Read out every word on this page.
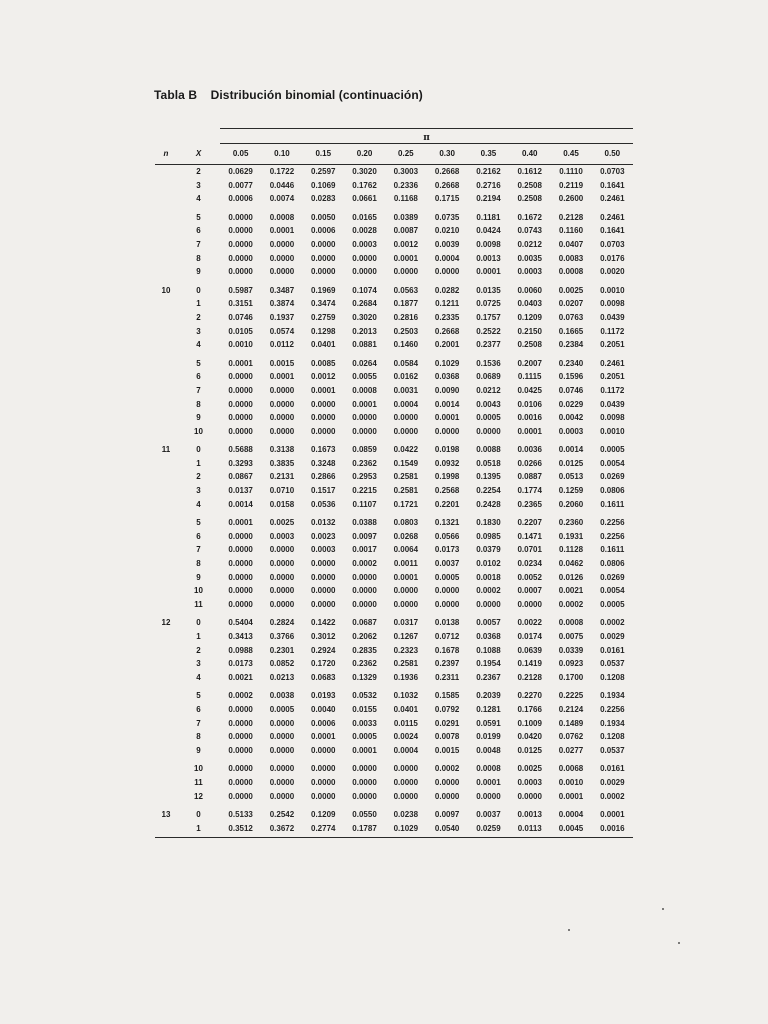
Tabla B Distribución binomial (continuación)
π
n	X	0.05	0.10	0.15	0.20	0.25	0.30	0.35	0.40	0.45	0.50
	2	0.0629	0.1722	0.2597	0.3020	0.3003	0.2668	0.2162	0.1612	0.1110	0.0703
	3	0.0077	0.0446	0.1069	0.1762	0.2336	0.2668	0.2716	0.2508	0.2119	0.1641
	4	0.0006	0.0074	0.0283	0.0661	0.1168	0.1715	0.2194	0.2508	0.2600	0.2461

	5	0.0000	0.0008	0.0050	0.0165	0.0389	0.0735	0.1181	0.1672	0.2128	0.2461
	6	0.0000	0.0001	0.0006	0.0028	0.0087	0.0210	0.0424	0.0743	0.1160	0.1641
	7	0.0000	0.0000	0.0000	0.0003	0.0012	0.0039	0.0098	0.0212	0.0407	0.0703
	8	0.0000	0.0000	0.0000	0.0000	0.0001	0.0004	0.0013	0.0035	0.0083	0.0176
	9	0.0000	0.0000	0.0000	0.0000	0.0000	0.0000	0.0001	0.0003	0.0008	0.0020

10	0	0.5987	0.3487	0.1969	0.1074	0.0563	0.0282	0.0135	0.0060	0.0025	0.0010
	1	0.3151	0.3874	0.3474	0.2684	0.1877	0.1211	0.0725	0.0403	0.0207	0.0098
	2	0.0746	0.1937	0.2759	0.3020	0.2816	0.2335	0.1757	0.1209	0.0763	0.0439
	3	0.0105	0.0574	0.1298	0.2013	0.2503	0.2668	0.2522	0.2150	0.1665	0.1172
	4	0.0010	0.0112	0.0401	0.0881	0.1460	0.2001	0.2377	0.2508	0.2384	0.2051

	5	0.0001	0.0015	0.0085	0.0264	0.0584	0.1029	0.1536	0.2007	0.2340	0.2461
	6	0.0000	0.0001	0.0012	0.0055	0.0162	0.0368	0.0689	0.1115	0.1596	0.2051
	7	0.0000	0.0000	0.0001	0.0008	0.0031	0.0090	0.0212	0.0425	0.0746	0.1172
	8	0.0000	0.0000	0.0000	0.0001	0.0004	0.0014	0.0043	0.0106	0.0229	0.0439
	9	0.0000	0.0000	0.0000	0.0000	0.0000	0.0001	0.0005	0.0016	0.0042	0.0098
	10	0.0000	0.0000	0.0000	0.0000	0.0000	0.0000	0.0000	0.0001	0.0003	0.0010

11	0	0.5688	0.3138	0.1673	0.0859	0.0422	0.0198	0.0088	0.0036	0.0014	0.0005
	1	0.3293	0.3835	0.3248	0.2362	0.1549	0.0932	0.0518	0.0266	0.0125	0.0054
	2	0.0867	0.2131	0.2866	0.2953	0.2581	0.1998	0.1395	0.0887	0.0513	0.0269
	3	0.0137	0.0710	0.1517	0.2215	0.2581	0.2568	0.2254	0.1774	0.1259	0.0806
	4	0.0014	0.0158	0.0536	0.1107	0.1721	0.2201	0.2428	0.2365	0.2060	0.1611

	5	0.0001	0.0025	0.0132	0.0388	0.0803	0.1321	0.1830	0.2207	0.2360	0.2256
	6	0.0000	0.0003	0.0023	0.0097	0.0268	0.0566	0.0985	0.1471	0.1931	0.2256
	7	0.0000	0.0000	0.0003	0.0017	0.0064	0.0173	0.0379	0.0701	0.1128	0.1611
	8	0.0000	0.0000	0.0000	0.0002	0.0011	0.0037	0.0102	0.0234	0.0462	0.0806
	9	0.0000	0.0000	0.0000	0.0000	0.0001	0.0005	0.0018	0.0052	0.0126	0.0269
	10	0.0000	0.0000	0.0000	0.0000	0.0000	0.0000	0.0002	0.0007	0.0021	0.0054
	11	0.0000	0.0000	0.0000	0.0000	0.0000	0.0000	0.0000	0.0000	0.0002	0.0005

12	0	0.5404	0.2824	0.1422	0.0687	0.0317	0.0138	0.0057	0.0022	0.0008	0.0002
	1	0.3413	0.3766	0.3012	0.2062	0.1267	0.0712	0.0368	0.0174	0.0075	0.0029
	2	0.0988	0.2301	0.2924	0.2835	0.2323	0.1678	0.1088	0.0639	0.0339	0.0161
	3	0.0173	0.0852	0.1720	0.2362	0.2581	0.2397	0.1954	0.1419	0.0923	0.0537
	4	0.0021	0.0213	0.0683	0.1329	0.1936	0.2311	0.2367	0.2128	0.1700	0.1208

	5	0.0002	0.0038	0.0193	0.0532	0.1032	0.1585	0.2039	0.2270	0.2225	0.1934
	6	0.0000	0.0005	0.0040	0.0155	0.0401	0.0792	0.1281	0.1766	0.2124	0.2256
	7	0.0000	0.0000	0.0006	0.0033	0.0115	0.0291	0.0591	0.1009	0.1489	0.1934
	8	0.0000	0.0000	0.0001	0.0005	0.0024	0.0078	0.0199	0.0420	0.0762	0.1208
	9	0.0000	0.0000	0.0000	0.0001	0.0004	0.0015	0.0048	0.0125	0.0277	0.0537

	10	0.0000	0.0000	0.0000	0.0000	0.0000	0.0002	0.0008	0.0025	0.0068	0.0161
	11	0.0000	0.0000	0.0000	0.0000	0.0000	0.0000	0.0001	0.0003	0.0010	0.0029
	12	0.0000	0.0000	0.0000	0.0000	0.0000	0.0000	0.0000	0.0000	0.0001	0.0002

13	0	0.5133	0.2542	0.1209	0.0550	0.0238	0.0097	0.0037	0.0013	0.0004	0.0001
	1	0.3512	0.3672	0.2774	0.1787	0.1029	0.0540	0.0259	0.0113	0.0045	0.0016
